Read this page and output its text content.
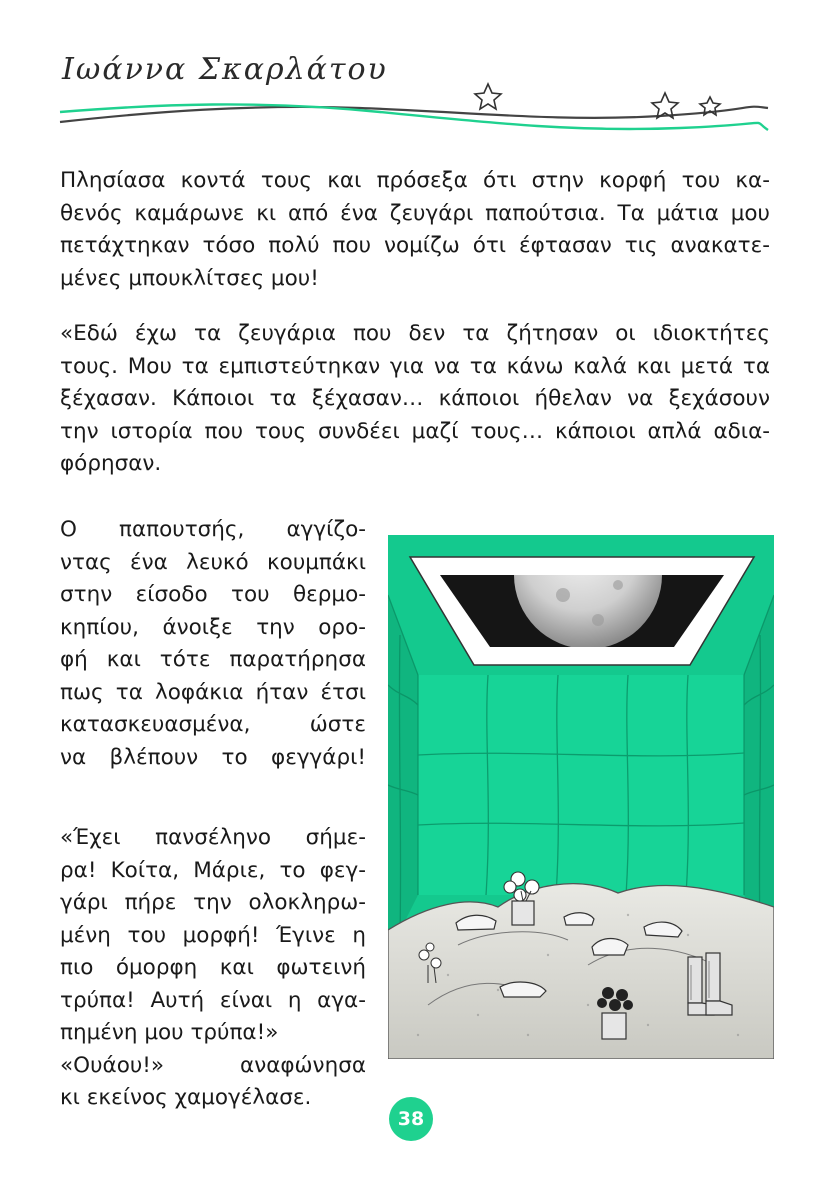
Ιωάννα Σκαρλάτου
Πλησίασα κοντά τους και πρόσεξα ότι στην κορφή του κα-
θενός καμάρωνε κι από ένα ζευγάρι παπούτσια. Τα μάτια μου
πετάχτηκαν τόσο πολύ που νομίζω ότι έφτασαν τις ανακατε-
μένες μπουκλίτσες μου!
«Εδώ έχω τα ζευγάρια που δεν τα ζήτησαν οι ιδιοκτήτες
τους. Μου τα εμπιστεύτηκαν για να τα κάνω καλά και μετά τα
ξέχασαν. Κάποιοι τα ξέχασαν… κάποιοι ήθελαν να ξεχάσουν
την ιστορία που τους συνδέει μαζί τους… κάποιοι απλά αδια-
φόρησαν.
Ο παπουτσής, αγγίζο-
ντας ένα λευκό κουμπάκι
στην είσοδο του θερμο-
κηπίου, άνοιξε την ορο-
φή και τότε παρατήρησα
πως τα λοφάκια ήταν έτσι
κατασκευασμένα, ώστε
να βλέπουν το φεγγάρι!
«Έχει πανσέληνο σήμε-
ρα! Κοίτα, Μάριε, το φεγ-
γάρι πήρε την ολοκληρω-
μένη του μορφή! Έγινε η
πιο όμορφη και φωτεινή
τρύπα! Αυτή είναι η αγα-
πημένη μου τρύπα!»
«Ουάου!» αναφώνησα
κι εκείνος χαμογέλασε.
38
